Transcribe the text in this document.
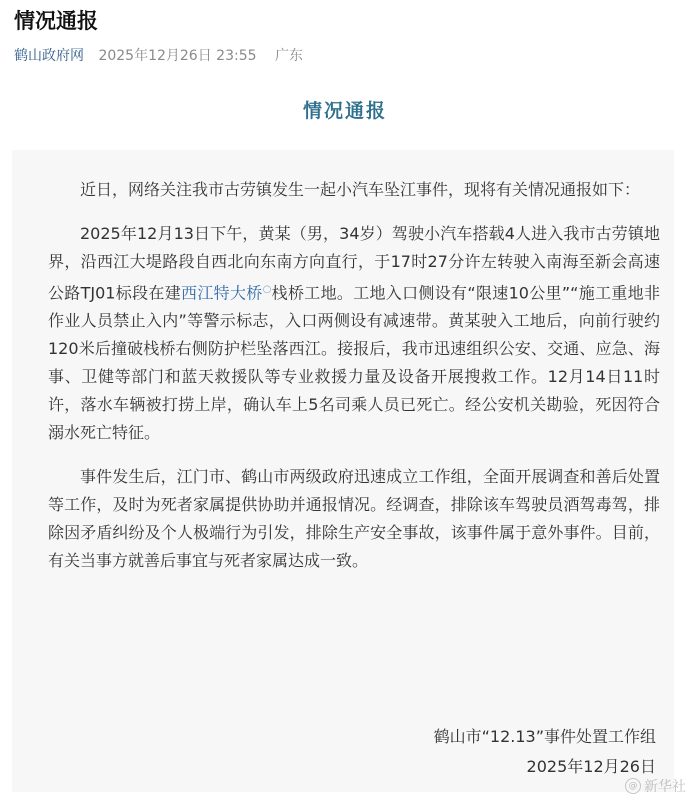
情况通报
鹤山政府网 2025年12月26日 23:55 广东
情况通报

近日，网络关注我市古劳镇发生一起小汽车坠江事件，现将有关情况通报如下：

2025年12月13日下午，黄某（男，34岁）驾驶小汽车搭载4人进入我市古劳镇地界，沿西江大堤路段自西北向东南方向直行，于17时27分许左转驶入南海至新会高速公路TJ01标段在建西江特大桥○栈桥工地。工地入口侧设有“限速10公里”“施工重地非作业人员禁止入内”等警示标志，入口两侧设有减速带。黄某驶入工地后，向前行驶约120米后撞破栈桥右侧防护栏坠落西江。接报后，我市迅速组织公安、交通、应急、海事、卫健等部门和蓝天救援队等专业救援力量及设备开展搜救工作。12月14日11时许，落水车辆被打捞上岸，确认车上5名司乘人员已死亡。经公安机关勘验，死因符合溺水死亡特征。

事件发生后，江门市、鹤山市两级政府迅速成立工作组，全面开展调查和善后处置等工作，及时为死者家属提供协助并通报情况。经调查，排除该车驾驶员酒驾毒驾，排除因矛盾纠纷及个人极端行为引发，排除生产安全事故，该事件属于意外事件。目前，有关当事方就善后事宜与死者家属达成一致。

鹤山市“12.13”事件处置工作组
2025年12月26日
@ 新华社
